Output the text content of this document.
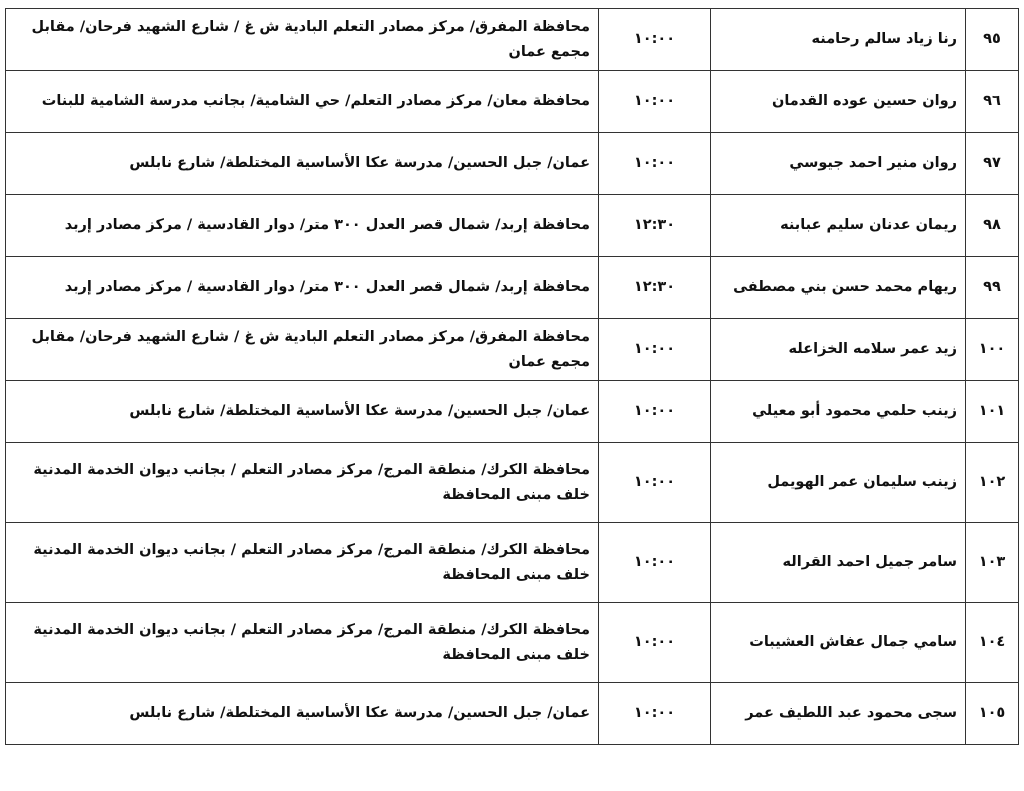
٩٥	رنا زياد سالم رحامنه	١٠:٠٠	محافظة المفرق/ مركز مصادر التعلم البادية ش غ / شارع الشهيد فرحان/ مقابل مجمع عمان
٩٦	روان حسين عوده القدمان	١٠:٠٠	محافظة معان/ مركز مصادر التعلم/ حي الشامية/ بجانب مدرسة الشامية للبنات
٩٧	روان منير احمد جيوسي	١٠:٠٠	عمان/ جبل الحسين/ مدرسة عكا الأساسية المختلطة/ شارع نابلس
٩٨	ريمان عدنان سليم عبابنه	١٢:٣٠	محافظة إربد/ شمال قصر العدل ٣٠٠ متر/ دوار القادسية / مركز مصادر إربد
٩٩	ريهام محمد حسن بني مصطفى	١٢:٣٠	محافظة إربد/ شمال قصر العدل ٣٠٠ متر/ دوار القادسية / مركز مصادر إربد
١٠٠	زيد عمر سلامه الخزاعله	١٠:٠٠	محافظة المفرق/ مركز مصادر التعلم البادية ش غ / شارع الشهيد فرحان/ مقابل مجمع عمان
١٠١	زينب حلمي محمود أبو معيلي	١٠:٠٠	عمان/ جبل الحسين/ مدرسة عكا الأساسية المختلطة/ شارع نابلس
١٠٢	زينب سليمان عمر الهويمل	١٠:٠٠	محافظة الكرك/ منطقة المرج/ مركز مصادر التعلم / بجانب ديوان الخدمة المدنية خلف مبنى المحافظة
١٠٣	سامر جميل احمد القراله	١٠:٠٠	محافظة الكرك/ منطقة المرج/ مركز مصادر التعلم / بجانب ديوان الخدمة المدنية خلف مبنى المحافظة
١٠٤	سامي جمال عفاش العشيبات	١٠:٠٠	محافظة الكرك/ منطقة المرج/ مركز مصادر التعلم / بجانب ديوان الخدمة المدنية خلف مبنى المحافظة
١٠٥	سجى محمود عبد اللطيف عمر	١٠:٠٠	عمان/ جبل الحسين/ مدرسة عكا الأساسية المختلطة/ شارع نابلس
